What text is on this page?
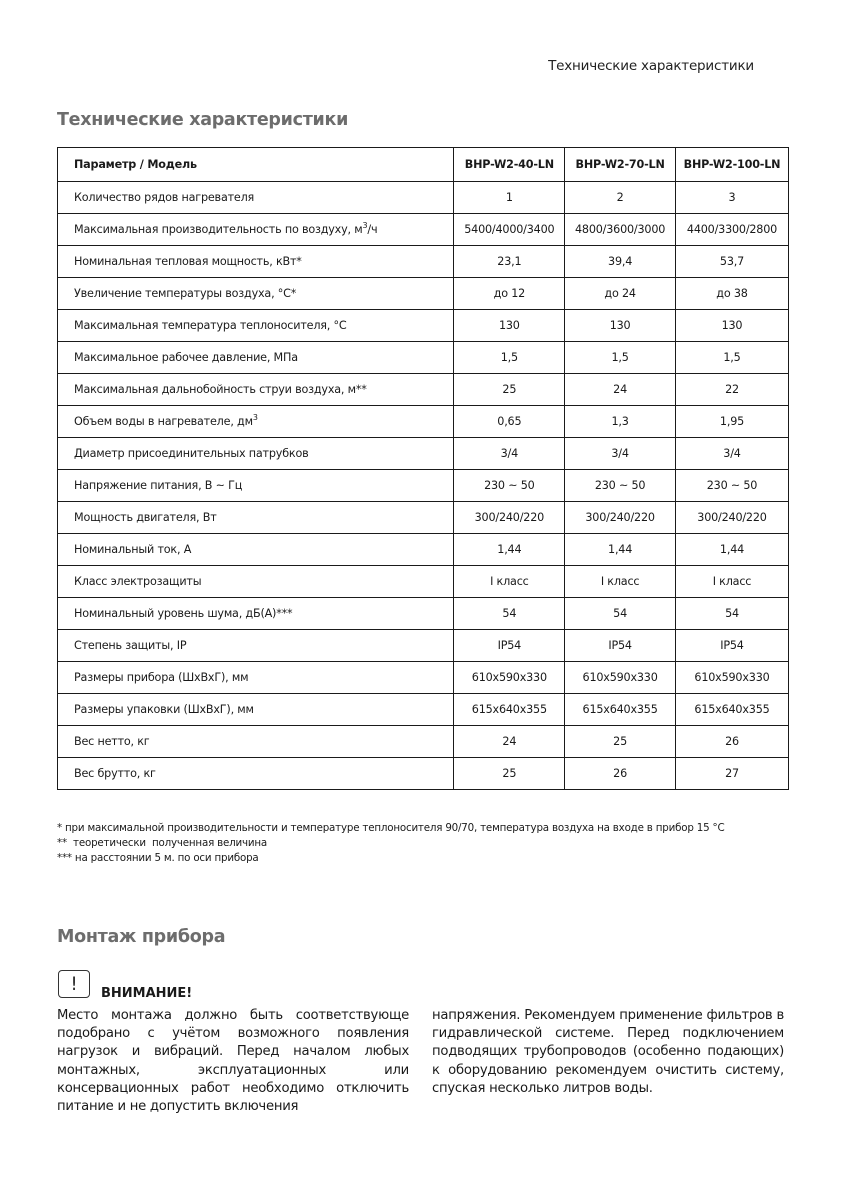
Технические характеристики
Технические характеристики
Параметр / Модель	BHP-W2-40-LN	BHP-W2-70-LN	BHP-W2-100-LN
Количество рядов нагревателя	1	2	3
Максимальная производительность по воздуху, $м^3/ч$	5400/4000/3400	4800/3600/3000	4400/3300/2800
Номинальная тепловая мощность, кВт*	23,1	39,4	53,7
Увеличение температуры воздуха, °C*	до 12	до 24	до 38
Максимальная температура теплоносителя, °C	130	130	130
Максимальное рабочее давление, МПа	1,5	1,5	1,5
Максимальная дальнобойность струи воздуха, м**	25	24	22
Объем воды в нагревателе, $дм^3$	0,65	1,3	1,95
Диаметр присоединительных патрубков	3/4	3/4	3/4
Напряжение питания, В ~ Гц	230 ~ 50	230 ~ 50	230 ~ 50
Мощность двигателя, Вт	300/240/220	300/240/220	300/240/220
Номинальный ток, А	1,44	1,44	1,44
Класс электрозащиты	I класс	I класс	I класс
Номинальный уровень шума, дБ(А)***	54	54	54
Степень защиты, IP	IP54	IP54	IP54
Размеры прибора (ШxВxГ), мм	610x590x330	610x590x330	610x590x330
Размеры упаковки (ШxВxГ), мм	615x640x355	615x640x355	615x640x355
Вес нетто, кг	24	25	26
Вес брутто, кг	25	26	27
* при максимальной производительности и температуре теплоносителя 90/70, температура воздуха на входе в прибор 15 °C
**  теоретически  полученная величина
*** на расстоянии 5 м. по оси прибора
Монтаж прибора
!	ВНИМАНИЕ!
Место монтажа должно быть соответствующе подобрано с учётом возможного появления нагрузок и вибраций. Перед началом любых монтажных, эксплуатационных или консервационных работ необходимо отключить питание и не допустить включения
напряжения. Рекомендуем применение фильтров в гидравлической системе. Перед подключением подводящих трубопроводов (особенно подающих) к оборудованию рекомендуем очистить систему, спуская несколько литров воды.
